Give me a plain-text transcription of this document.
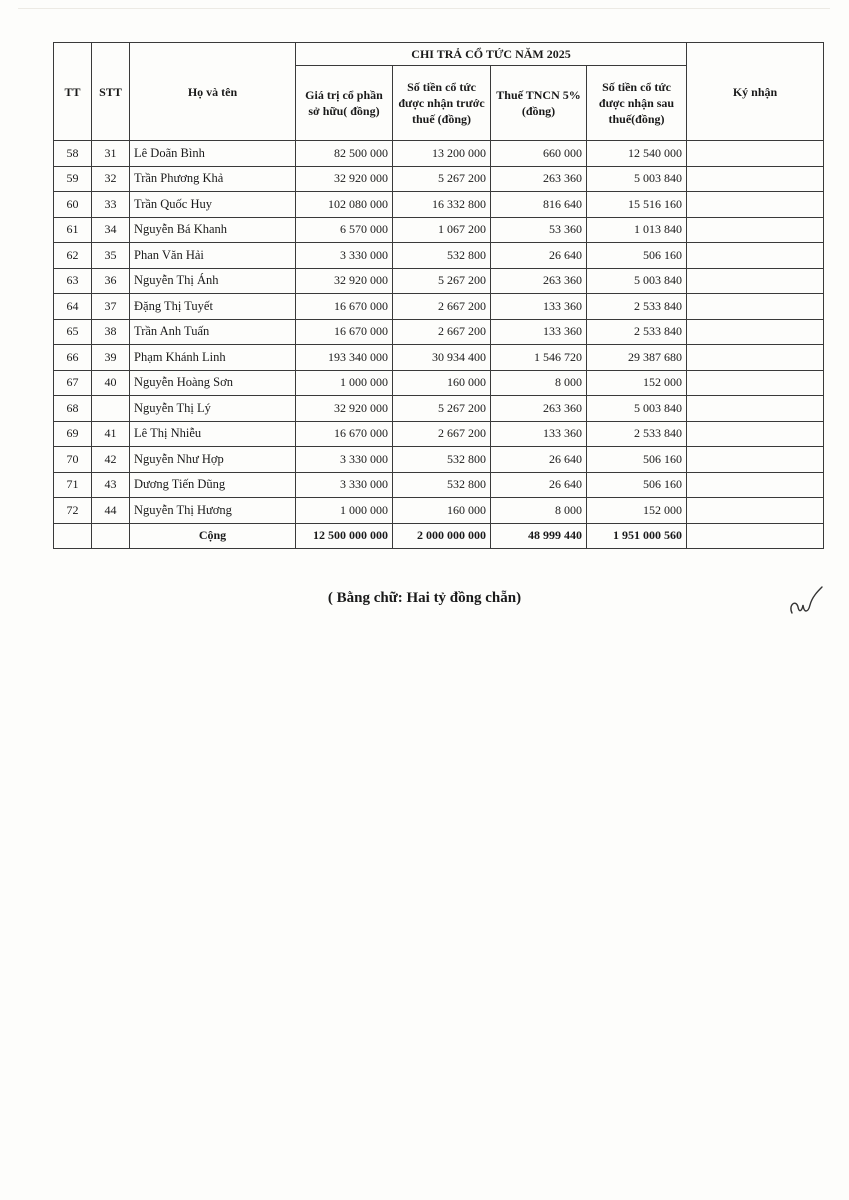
TT	STT	Họ và tên	CHI TRẢ CỔ TỨC NĂM 2025				Ký nhận
			Giá trị cổ phần sở hữu( đồng)	Số tiền cổ tức được nhận trước thuế (đồng)	Thuế TNCN 5%(đồng)	Số tiền cổ tức được nhận sau thuế(đồng)	
58	31	Lê Doãn Bình	82 500 000	13 200 000	660 000	12 540 000	
59	32	Trần Phương Khả	32 920 000	5 267 200	263 360	5 003 840	
60	33	Trần Quốc Huy	102 080 000	16 332 800	816 640	15 516 160	
61	34	Nguyễn Bá Khanh	6 570 000	1 067 200	53 360	1 013 840	
62	35	Phan Văn Hải	3 330 000	532 800	26 640	506 160	
63	36	Nguyễn Thị Ánh	32 920 000	5 267 200	263 360	5 003 840	
64	37	Đặng Thị Tuyết	16 670 000	2 667 200	133 360	2 533 840	
65	38	Trần Anh Tuấn	16 670 000	2 667 200	133 360	2 533 840	
66	39	Phạm Khánh Linh	193 340 000	30 934 400	1 546 720	29 387 680	
67	40	Nguyễn Hoàng Sơn	1 000 000	160 000	8 000	152 000	
68		Nguyễn Thị Lý	32 920 000	5 267 200	263 360	5 003 840	
69	41	Lê Thị Nhiễu	16 670 000	2 667 200	133 360	2 533 840	
70	42	Nguyễn Như Hợp	3 330 000	532 800	26 640	506 160	
71	43	Dương Tiến Dũng	3 330 000	532 800	26 640	506 160	
72	44	Nguyễn Thị Hương	1 000 000	160 000	8 000	152 000	
		Cộng	12 500 000 000	2 000 000 000	48 999 440	1 951 000 560	
( Bằng chữ: Hai tỷ đồng chẵn)
